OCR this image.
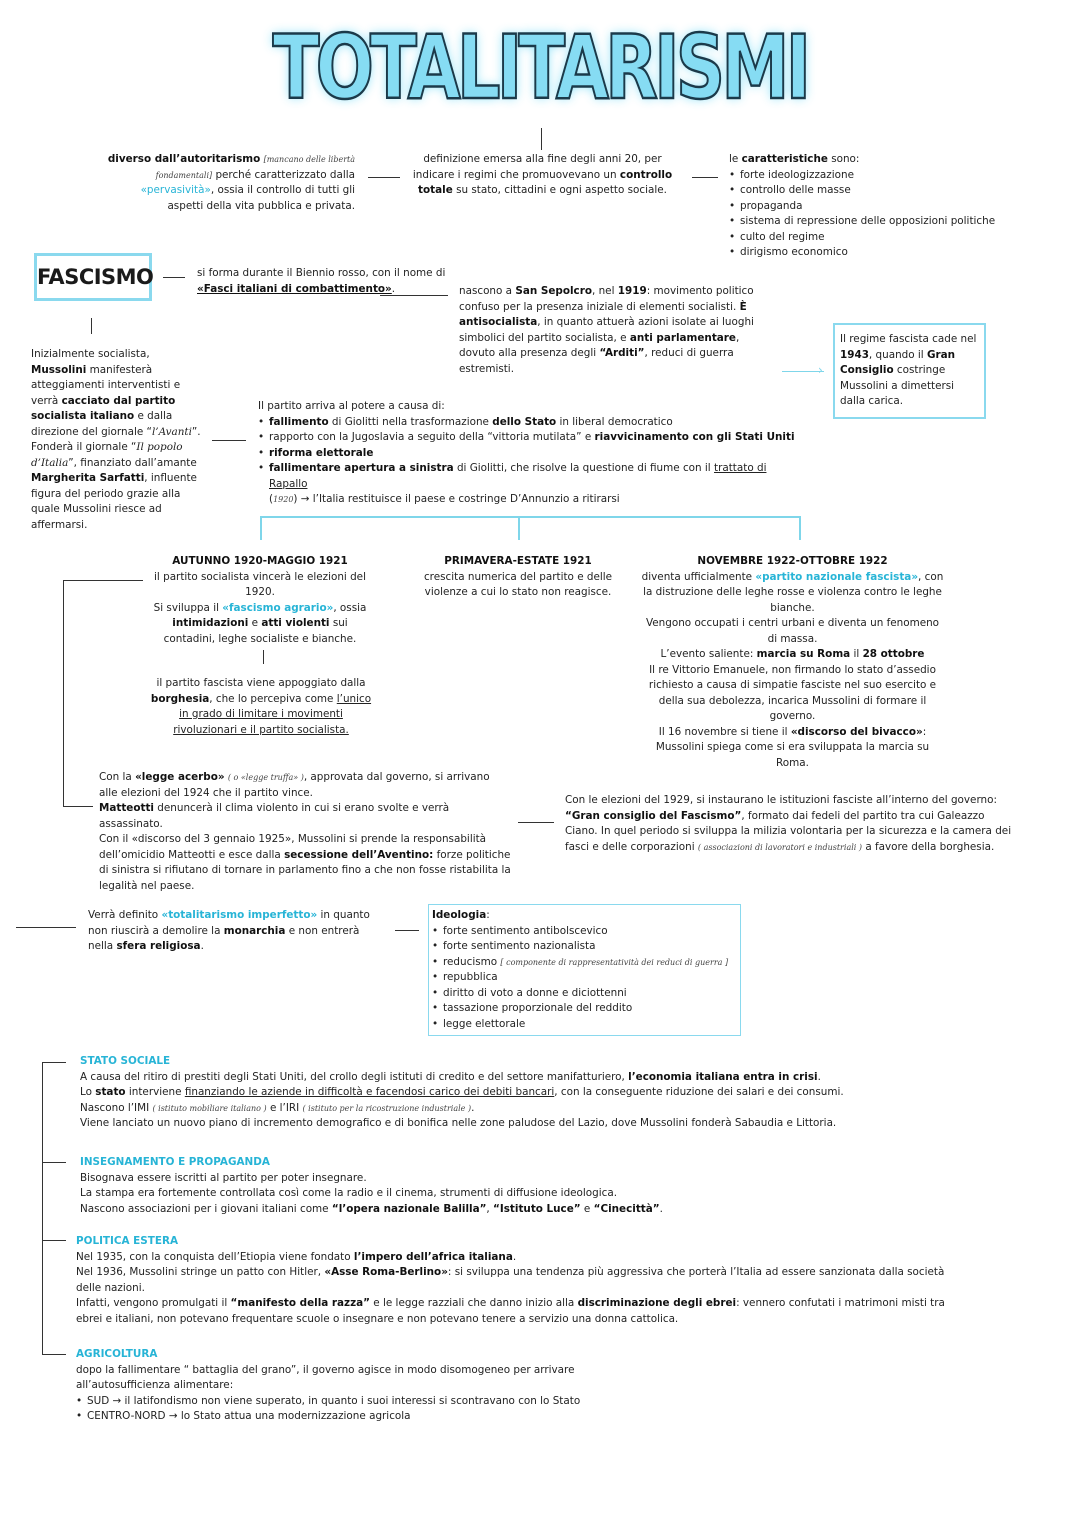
TOTALITARISMI
diverso dall’autoritarismo [mancano delle libertà fondamentali] perché caratterizzato dalla «pervasività», ossia il controllo di tutti gli aspetti della vita pubblica e privata.
definizione emersa alla fine degli anni 20, per indicare i regimi che promuovevano un controllo totale su stato, cittadini e ogni aspetto sociale.
le caratteristiche sono:
• forte ideologizzazione
• controllo delle masse
• propaganda
• sistema di repressione delle opposizioni politiche
• culto del regime
• dirigismo economico
FASCISMO	si forma durante il Biennio rosso, con il nome di «Fasci italiani di combattimento».	nascono a San Sepolcro, nel 1919: movimento politico confuso per la presenza iniziale di elementi socialisti. È antisocialista, in quanto attuerà azioni isolate ai luoghi simbolici del partito socialista, e anti parlamentare, dovuto alla presenza degli “Arditi”, reduci di guerra estremisti.	›
Il regime fascista cade nel 1943, quando il Gran Consiglio costringe Mussolini a dimettersi dalla carica.
Inizialmente socialista, Mussolini manifesterà atteggiamenti interventisti e verrà cacciato dal partito socialista italiano e dalla direzione del giornale “l’Avanti”. Fonderà il giornale “Il popolo d’Italia”, finanziato dall’amante Margherita Sarfatti, influente figura del periodo grazie alla quale Mussolini riesce ad affermarsi.
Il partito arriva al potere a causa di:
• fallimento di Giolitti nella trasformazione dello Stato in liberal democratico
• rapporto con la Jugoslavia a seguito della “vittoria mutilata” e riavvicinamento con gli Stati Uniti
• riforma elettorale
• fallimentare apertura a sinistra di Giolitti, che risolve la questione di fiume con il trattato di Rapallo
(1920) → l’Italia restituisce il paese e costringe D’Annunzio a ritirarsi
AUTUNNO 1920-MAGGIO 1921
il partito socialista vincerà le elezioni del 1920.
Si sviluppa il «fascismo agrario», ossia intimidazioni e atti violenti sui contadini, leghe socialiste e bianche.
il partito fascista viene appoggiato dalla borghesia, che lo percepiva come l’unico in grado di limitare i movimenti rivoluzionari e il partito socialista.
PRIMAVERA-ESTATE 1921
crescita numerica del partito e delle violenze a cui lo stato non reagisce.
NOVEMBRE 1922-OTTOBRE 1922
diventa ufficialmente «partito nazionale fascista», con la distruzione delle leghe rosse e violenza contro le leghe bianche.
Vengono occupati i centri urbani e diventa un fenomeno di massa.
L’evento saliente: marcia su Roma il 28 ottobre
Il re Vittorio Emanuele, non firmando lo stato d’assedio richiesto a causa di simpatie fasciste nel suo esercito e della sua debolezza, incarica Mussolini di formare il governo.
Il 16 novembre si tiene il «discorso del bivacco»: Mussolini spiega come si era sviluppata la marcia su Roma.
Con la «legge acerbo» ( o «legge truffa» ), approvata dal governo, si arrivano alle elezioni del 1924 che il partito vince.
Matteotti denuncerà il clima violento in cui si erano svolte e verrà assassinato.
Con il «discorso del 3 gennaio 1925», Mussolini si prende la responsabilità dell’omicidio Matteotti e esce dalla secessione dell’Aventino: forze politiche di sinistra si rifiutano di tornare in parlamento fino a che non fosse ristabilita la legalità nel paese.
Con le elezioni del 1929, si instaurano le istituzioni fasciste all’interno del governo: “Gran consiglio del Fascismo”, formato dai fedeli del partito tra cui Galeazzo Ciano. In quel periodo si sviluppa la milizia volontaria per la sicurezza e la camera dei fasci e delle corporazioni ( associazioni di lavoratori e industriali ) a favore della borghesia.
Verrà definito «totalitarismo imperfetto» in quanto non riuscirà a demolire la monarchia e non entrerà nella sfera religiosa.
Ideologia:
• forte sentimento antibolscevico
• forte sentimento nazionalista
• reducismo [ componente di rappresentatività dei reduci di guerra ]
• repubblica
• diritto di voto a donne e diciottenni
• tassazione proporzionale del reddito
• legge elettorale
STATO SOCIALE
A causa del ritiro di prestiti degli Stati Uniti, del crollo degli istituti di credito e del settore manifatturiero, l’economia italiana entra in crisi.
Lo stato interviene finanziando le aziende in difficoltà e facendosi carico dei debiti bancari, con la conseguente riduzione dei salari e dei consumi.
Nascono l’IMI ( istituto mobiliare italiano ) e l’IRI ( istituto per la ricostruzione industriale ).
Viene lanciato un nuovo piano di incremento demografico e di bonifica nelle zone paludose del Lazio, dove Mussolini fonderà Sabaudia e Littoria.
INSEGNAMENTO E PROPAGANDA
Bisognava essere iscritti al partito per poter insegnare.
La stampa era fortemente controllata così come la radio e il cinema, strumenti di diffusione ideologica.
Nascono associazioni per i giovani italiani come “l’opera nazionale Balilla”, “Istituto Luce” e “Cinecittà”.
POLITICA ESTERA
Nel 1935, con la conquista dell’Etiopia viene fondato l’impero dell’africa italiana.
Nel 1936, Mussolini stringe un patto con Hitler, «Asse Roma-Berlino»: si sviluppa una tendenza più aggressiva che porterà l’Italia ad essere sanzionata dalla società delle nazioni.
Infatti, vengono promulgati il “manifesto della razza” e le legge razziali che danno inizio alla discriminazione degli ebrei: vennero confutati i matrimoni misti tra ebrei e italiani, non potevano frequentare scuole o insegnare e non potevano tenere a servizio una donna cattolica.
AGRICOLTURA
dopo la fallimentare “ battaglia del grano”, il governo agisce in modo disomogeneo per arrivare all’autosufficienza alimentare:
• SUD → il latifondismo non viene superato, in quanto i suoi interessi si scontravano con lo Stato
• CENTRO-NORD → lo Stato attua una modernizzazione agricola
